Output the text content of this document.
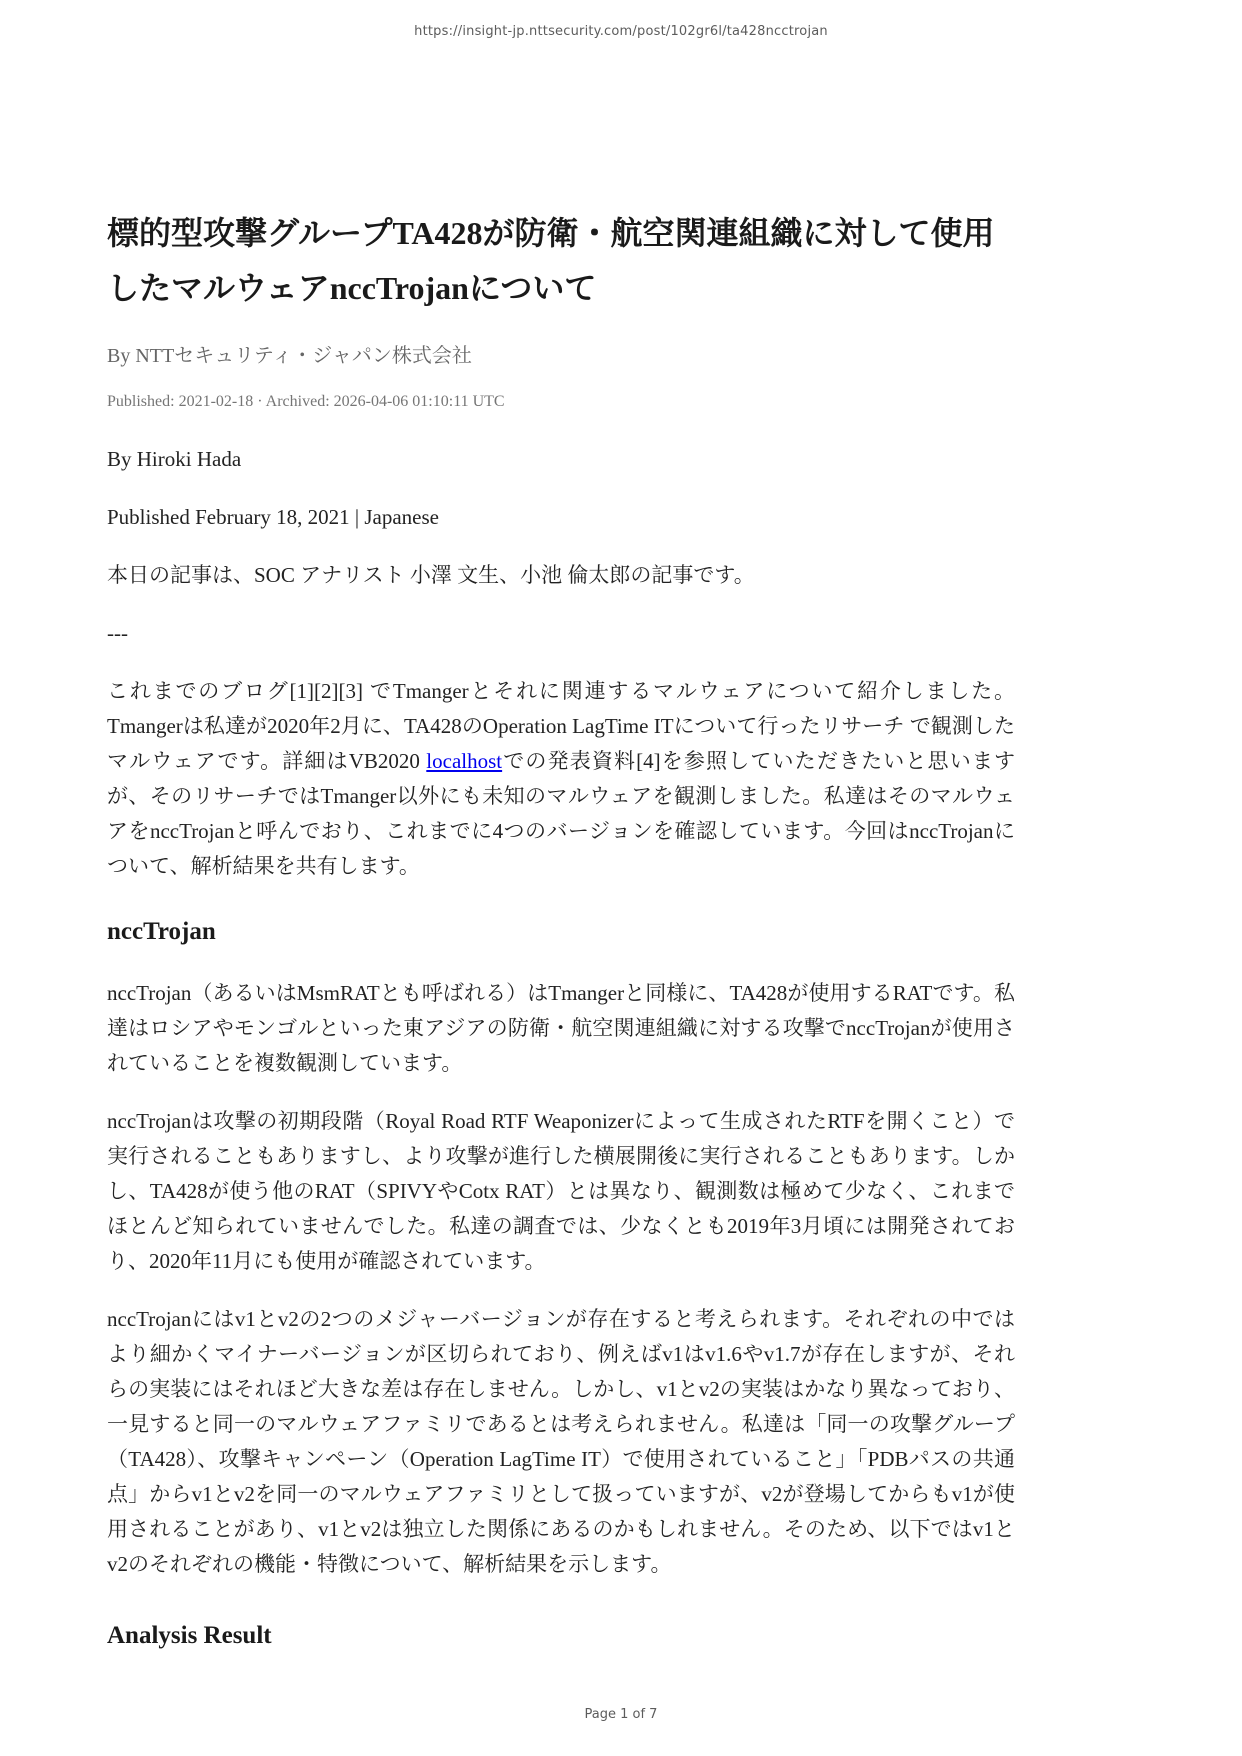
https://insight-jp.nttsecurity.com/post/102gr6l/ta428ncctrojan
標的型攻撃グループTA428が防衛・航空関連組織に対して使用したマルウェアnccTrojanについて
By NTTセキュリティ・ジャパン株式会社
Published: 2021-02-18 · Archived: 2026-04-06 01:10:11 UTC

By Hiroki Hada

Published February 18, 2021 | Japanese

本日の記事は、SOC アナリスト 小澤 文生、小池 倫太郎の記事です。

---

これまでのブログ[1][2][3] でTmangerとそれに関連するマルウェアについて紹介しました。Tmangerは私達が2020年2月に、TA428のOperation LagTime ITについて行ったリサーチ で観測したマルウェアです。詳細はVB2020 localhostでの発表資料[4]を参照していただきたいと思いますが、そのリサーチではTmanger以外にも未知のマルウェアを観測しました。私達はそのマルウェアをnccTrojanと呼んでおり、これまでに4つのバージョンを確認しています。今回はnccTrojanについて、解析結果を共有します。

nccTrojan

nccTrojan（あるいはMsmRATとも呼ばれる）はTmangerと同様に、TA428が使用するRATです。私達はロシアやモンゴルといった東アジアの防衛・航空関連組織に対する攻撃でnccTrojanが使用されていることを複数観測しています。

nccTrojanは攻撃の初期段階（Royal Road RTF Weaponizerによって生成されたRTFを開くこと）で実行されることもありますし、より攻撃が進行した横展開後に実行されることもあります。しかし、TA428が使う他のRAT（SPIVYやCotx RAT）とは異なり、観測数は極めて少なく、これまでほとんど知られていませんでした。私達の調査では、少なくとも2019年3月頃には開発されており、2020年11月にも使用が確認されています。

nccTrojanにはv1とv2の2つのメジャーバージョンが存在すると考えられます。それぞれの中ではより細かくマイナーバージョンが区切られており、例えばv1はv1.6やv1.7が存在しますが、それらの実装にはそれほど大きな差は存在しません。しかし、v1とv2の実装はかなり異なっており、一見すると同一のマルウェアファミリであるとは考えられません。私達は「同一の攻撃グループ（TA428）、攻撃キャンペーン（Operation LagTime IT）で使用されていること」「PDBパスの共通点」からv1とv2を同一のマルウェアファミリとして扱っていますが、v2が登場してからもv1が使用されることがあり、v1とv2は独立した関係にあるのかもしれません。そのため、以下ではv1とv2のそれぞれの機能・特徴について、解析結果を示します。

Analysis Result
Page 1 of 7
